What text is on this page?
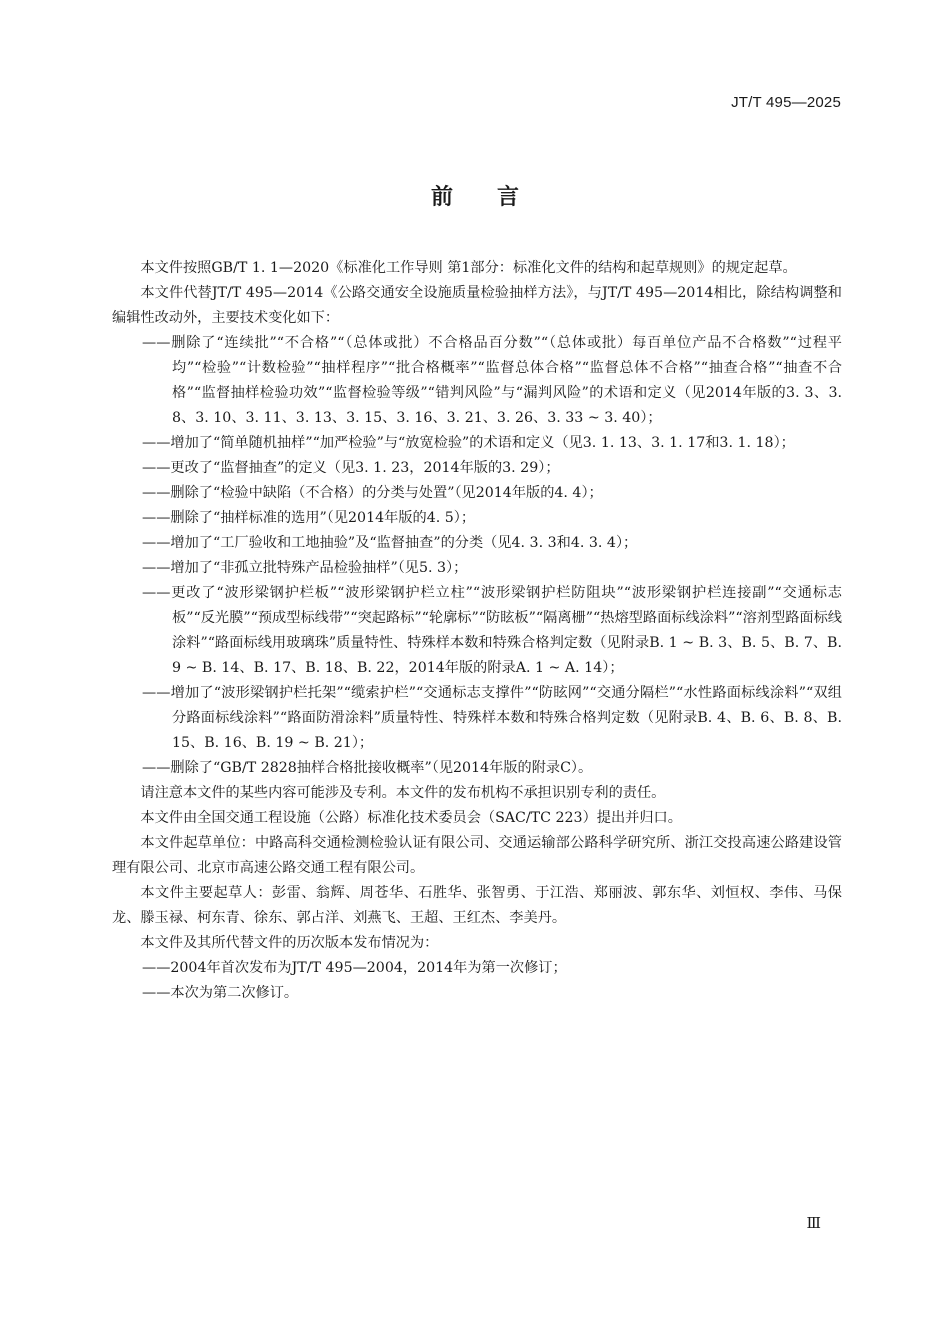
JT/T 495—2025
前言

本文件按照GB/T 1. 1—2020《标准化工作导则 第1部分：标准化文件的结构和起草规则》的规定起草。

本文件代替JT/T 495—2014《公路交通安全设施质量检验抽样方法》，与JT/T 495—2014相比，除结构调整和编辑性改动外，主要技术变化如下：

——删除了“连续批”“不合格”“（总体或批）不合格品百分数”“（总体或批）每百单位产品不合格数”“过程平均”“检验”“计数检验”“抽样程序”“批合格概率”“监督总体合格”“监督总体不合格”“抽查合格”“抽查不合格”“监督抽样检验功效”“监督检验等级”“错判风险”与“漏判风险”的术语和定义（见2014年版的3. 3、3. 8、3. 10、3. 11、3. 13、3. 15、3. 16、3. 21、3. 26、3. 33 ~ 3. 40）；

——增加了“简单随机抽样”“加严检验”与“放宽检验”的术语和定义（见3. 1. 13、3. 1. 17和3. 1. 18）；

——更改了“监督抽查”的定义（见3. 1. 23，2014年版的3. 29）；

——删除了“检验中缺陷（不合格）的分类与处置”（见2014年版的4. 4）；

——删除了“抽样标准的选用”（见2014年版的4. 5）；

——增加了“工厂验收和工地抽验”及“监督抽查”的分类（见4. 3. 3和4. 3. 4）；

——增加了“非孤立批特殊产品检验抽样”（见5. 3）；

——更改了“波形梁钢护栏板”“波形梁钢护栏立柱”“波形梁钢护栏防阻块”“波形梁钢护栏连接副”“交通标志板”“反光膜”“预成型标线带”“突起路标”“轮廓标”“防眩板”“隔离栅”“热熔型路面标线涂料”“溶剂型路面标线涂料”“路面标线用玻璃珠”质量特性、特殊样本数和特殊合格判定数（见附录B. 1 ~ B. 3、B. 5、B. 7、B. 9 ~ B. 14、B. 17、B. 18、B. 22，2014年版的附录A. 1 ~ A. 14）；

——增加了“波形梁钢护栏托架”“缆索护栏”“交通标志支撑件”“防眩网”“交通分隔栏”“水性路面标线涂料”“双组分路面标线涂料”“路面防滑涂料”质量特性、特殊样本数和特殊合格判定数（见附录B. 4、B. 6、B. 8、B. 15、B. 16、B. 19 ~ B. 21）；

——删除了“GB/T 2828抽样合格批接收概率”（见2014年版的附录C）。

请注意本文件的某些内容可能涉及专利。本文件的发布机构不承担识别专利的责任。

本文件由全国交通工程设施（公路）标准化技术委员会（SAC/TC 223）提出并归口。

本文件起草单位：中路高科交通检测检验认证有限公司、交通运输部公路科学研究所、浙江交投高速公路建设管理有限公司、北京市高速公路交通工程有限公司。

本文件主要起草人：彭雷、翁辉、周苍华、石胜华、张智勇、于江浩、郑丽波、郭东华、刘恒权、李伟、马保龙、滕玉禄、柯东青、徐东、郭占洋、刘燕飞、王超、王红杰、李美丹。

本文件及其所代替文件的历次版本发布情况为：

——2004年首次发布为JT/T 495—2004，2014年为第一次修订；

——本次为第二次修订。

Ⅲ
